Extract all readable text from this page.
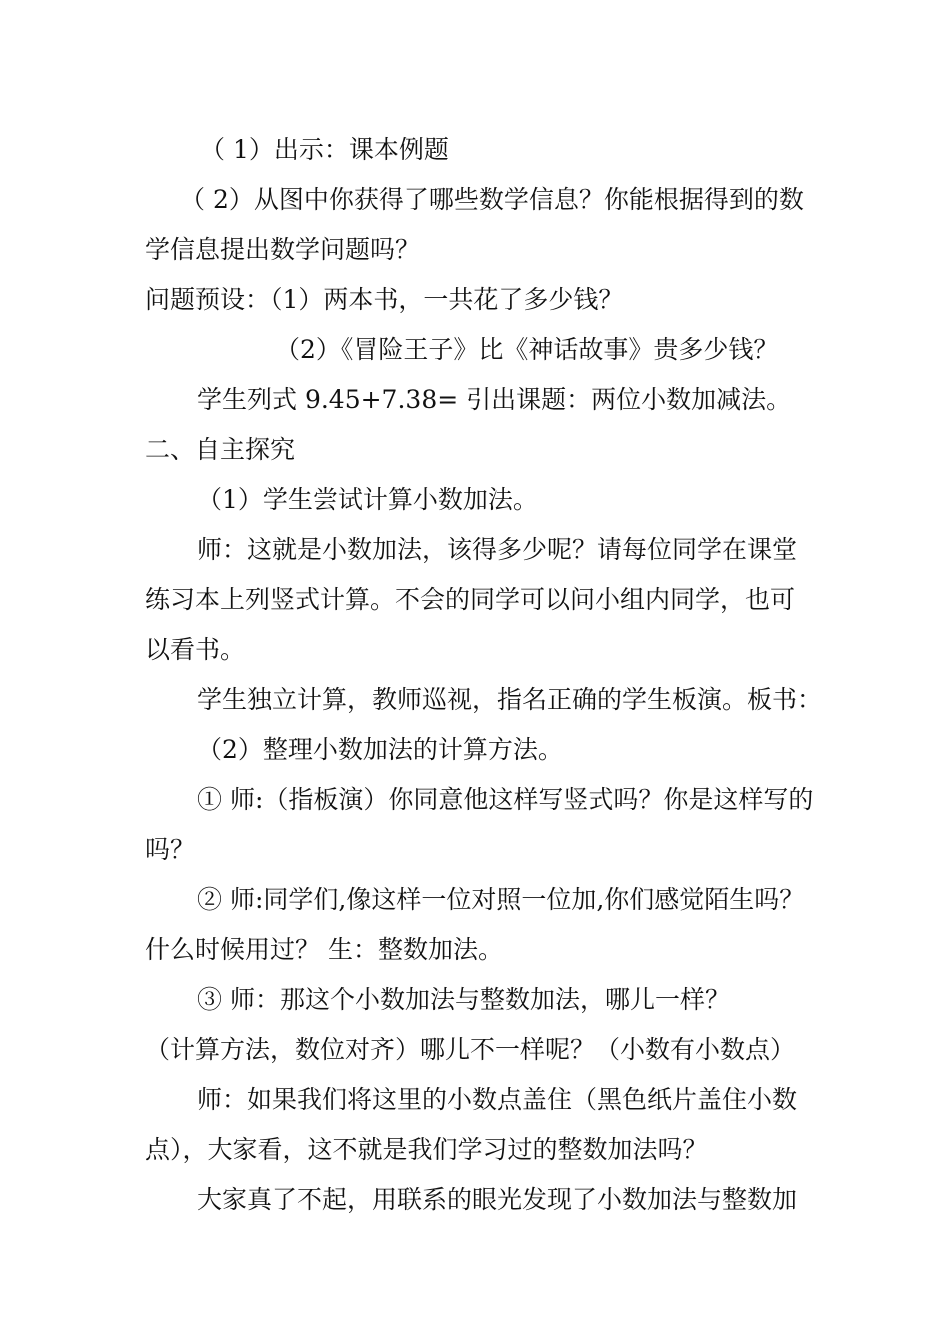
（ 1）出示：课本例题
（ 2）从图中你获得了哪些数学信息？你能根据得到的数
学信息提出数学问题吗？
问题预设：（1）两本书，一共花了多少钱？
（2）《冒险王子》比《神话故事》贵多少钱？
学生列式 9.45+7.38= 引出课题：两位小数加减法。
二、自主探究
（1）学生尝试计算小数加法。
师：这就是小数加法，该得多少呢？请每位同学在课堂
练习本上列竖式计算。不会的同学可以问小组内同学，也可
以看书。
学生独立计算，教师巡视，指名正确的学生板演。板书：
（2）整理小数加法的计算方法。
① 师:（指板演）你同意他这样写竖式吗？你是这样写的
吗？
② 师:同学们,像这样一位对照一位加,你们感觉陌生吗？
什么时候用过？ 生：整数加法。
③ 师：那这个小数加法与整数加法，哪儿一样？
（计算方法，数位对齐）哪儿不一样呢？（小数有小数点）
师：如果我们将这里的小数点盖住（黑色纸片盖住小数
点），大家看，这不就是我们学习过的整数加法吗？
大家真了不起，用联系的眼光发现了小数加法与整数加
